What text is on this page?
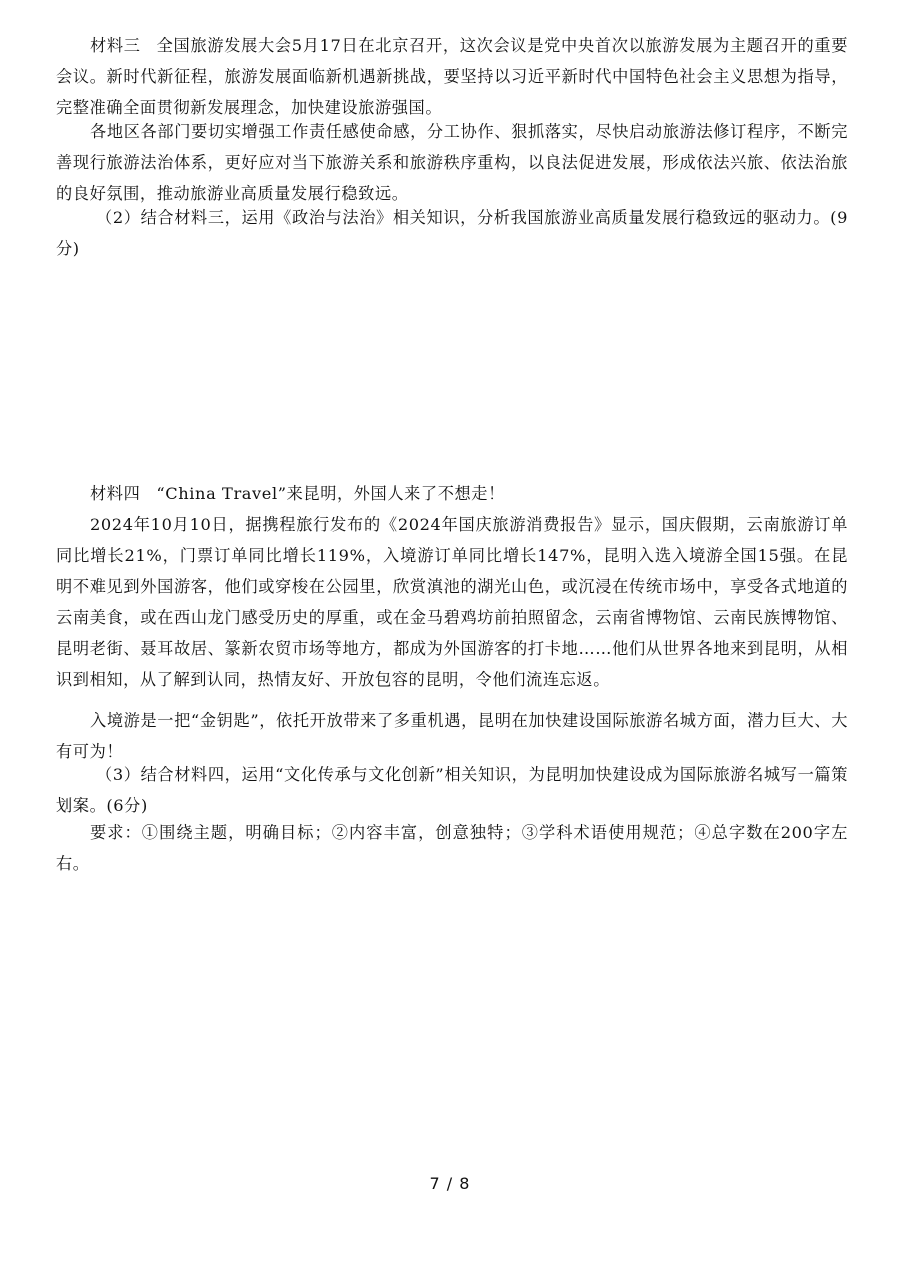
材料三 全国旅游发展大会5月17日在北京召开，这次会议是党中央首次以旅游发展为主题召开的重要会议。新时代新征程，旅游发展面临新机遇新挑战，要坚持以习近平新时代中国特色社会主义思想为指导，完整准确全面贯彻新发展理念，加快建设旅游强国。

各地区各部门要切实增强工作责任感使命感，分工协作、狠抓落实，尽快启动旅游法修订程序，不断完善现行旅游法治体系，更好应对当下旅游关系和旅游秩序重构，以良法促进发展，形成依法兴旅、依法治旅的良好氛围，推动旅游业高质量发展行稳致远。

（2）结合材料三，运用《政治与法治》相关知识，分析我国旅游业高质量发展行稳致远的驱动力。(9分)

材料四 “China Travel”来昆明，外国人来了不想走！

2024年10月10日，据携程旅行发布的《2024年国庆旅游消费报告》显示，国庆假期，云南旅游订单同比增长21%，门票订单同比增长119%，入境游订单同比增长147%，昆明入选入境游全国15强。在昆明不难见到外国游客，他们或穿梭在公园里，欣赏滇池的湖光山色，或沉浸在传统市场中，享受各式地道的云南美食，或在西山龙门感受历史的厚重，或在金马碧鸡坊前拍照留念，云南省博物馆、云南民族博物馆、昆明老街、聂耳故居、篆新农贸市场等地方，都成为外国游客的打卡地……他们从世界各地来到昆明，从相识到相知，从了解到认同，热情友好、开放包容的昆明，令他们流连忘返。

入境游是一把“金钥匙”，依托开放带来了多重机遇，昆明在加快建设国际旅游名城方面，潜力巨大、大有可为！

（3）结合材料四，运用“文化传承与文化创新”相关知识，为昆明加快建设成为国际旅游名城写一篇策划案。(6分)

要求：①围绕主题，明确目标；②内容丰富，创意独特；③学科术语使用规范；④总字数在200字左右。

7 / 8
